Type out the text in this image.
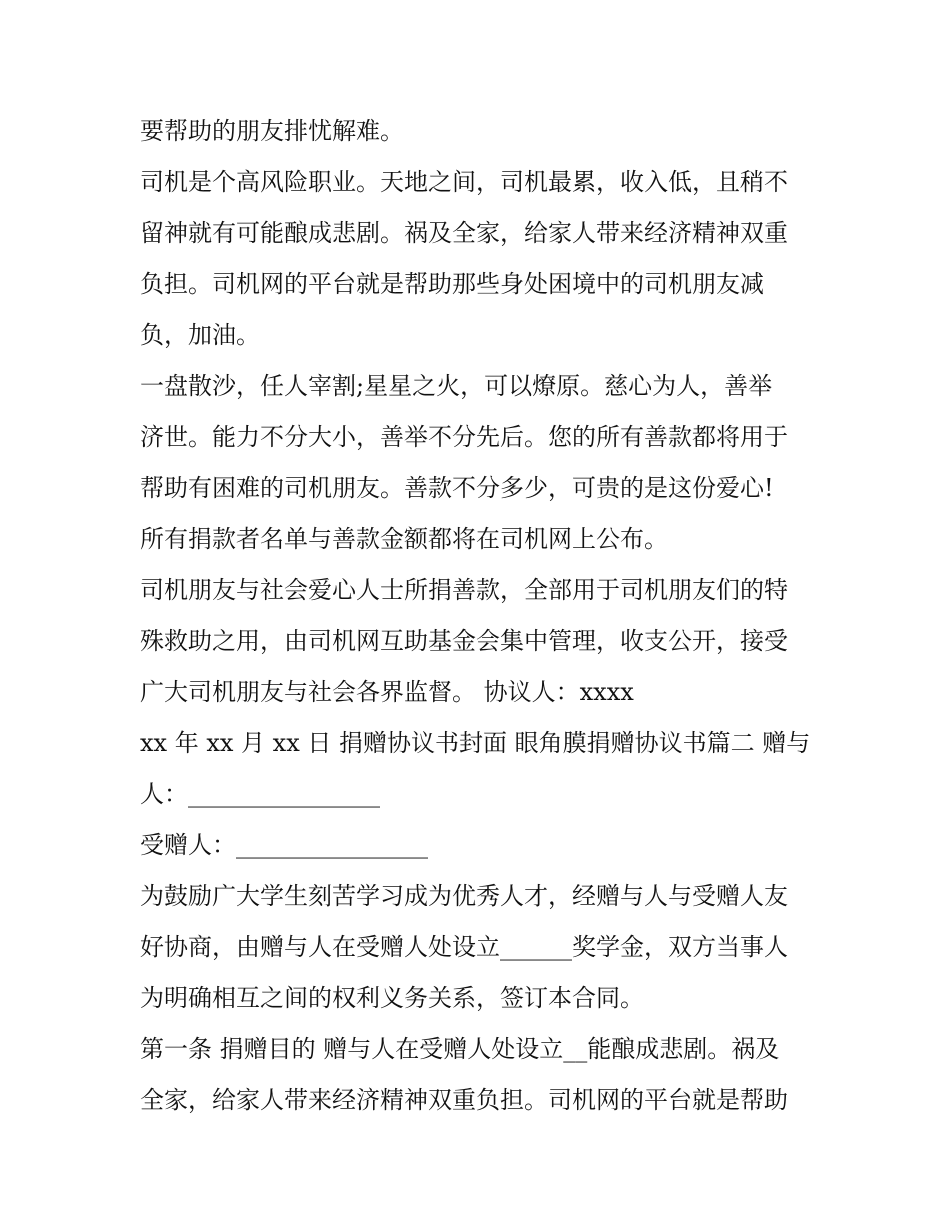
要帮助的朋友排忧解难。
司机是个高风险职业。天地之间，司机最累，收入低，且稍不
留神就有可能酿成悲剧。祸及全家，给家人带来经济精神双重
负担。司机网的平台就是帮助那些身处困境中的司机朋友减
负，加油。
一盘散沙，任人宰割;星星之火，可以燎原。慈心为人，善举
济世。能力不分大小，善举不分先后。您的所有善款都将用于
帮助有困难的司机朋友。善款不分多少，可贵的是这份爱心!
所有捐款者名单与善款金额都将在司机网上公布。
司机朋友与社会爱心人士所捐善款，全部用于司机朋友们的特
殊救助之用，由司机网互助基金会集中管理，收支公开，接受
广大司机朋友与社会各界监督。 协议人：xxxx
xx 年 xx 月 xx 日 捐赠协议书封面 眼角膜捐赠协议书篇二 赠与
人：________________
受赠人：________________
为鼓励广大学生刻苦学习成为优秀人才，经赠与人与受赠人友
好协商，由赠与人在受赠人处设立______奖学金，双方当事人
为明确相互之间的权利义务关系，签订本合同。
第一条 捐赠目的 赠与人在受赠人处设立__能酿成悲剧。祸及
全家，给家人带来经济精神双重负担。司机网的平台就是帮助
